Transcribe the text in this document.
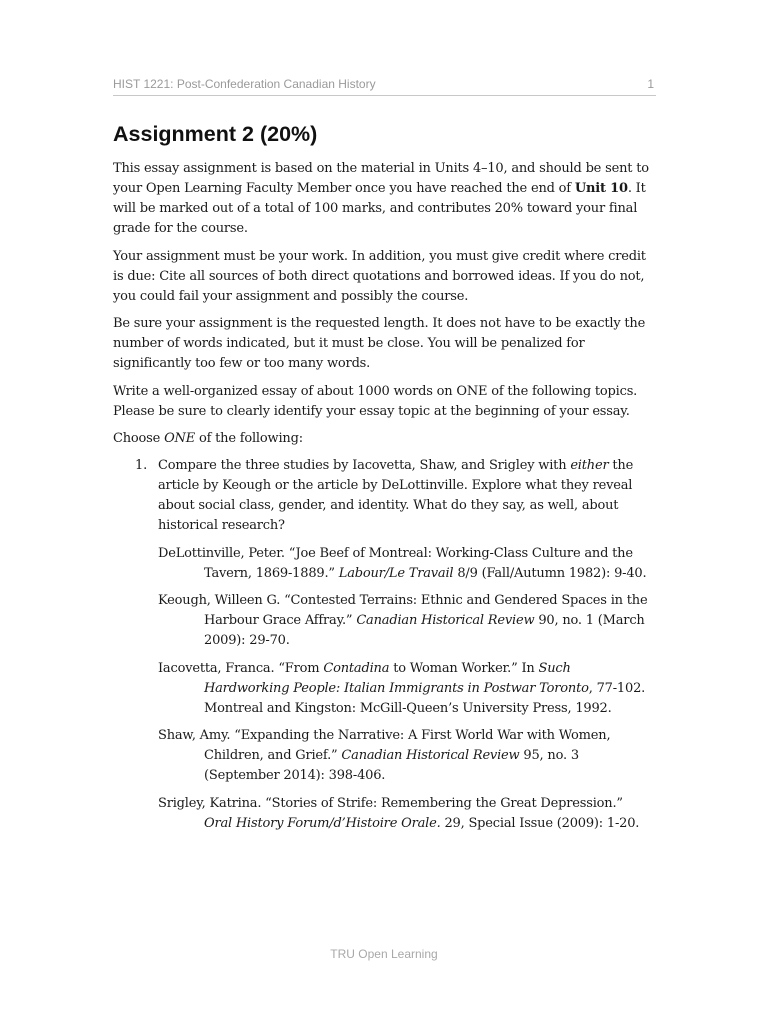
HIST 1221: Post-Confederation Canadian History	1
Assignment 2 (20%)

This essay assignment is based on the material in Units 4–10, and should be sent to your Open Learning Faculty Member once you have reached the end of Unit 10. It will be marked out of a total of 100 marks, and contributes 20% toward your final grade for the course.

Your assignment must be your work. In addition, you must give credit where credit is due: Cite all sources of both direct quotations and borrowed ideas. If you do not, you could fail your assignment and possibly the course.

Be sure your assignment is the requested length. It does not have to be exactly the number of words indicated, but it must be close. You will be penalized for significantly too few or too many words.

Write a well-organized essay of about 1000 words on ONE of the following topics. Please be sure to clearly identify your essay topic at the beginning of your essay.

Choose ONE of the following:

1. Compare the three studies by Iacovetta, Shaw, and Srigley with either the article by Keough or the article by DeLottinville. Explore what they reveal about social class, gender, and identity. What do they say, as well, about historical research?

DeLottinville, Peter. “Joe Beef of Montreal: Working-Class Culture and the Tavern, 1869-1889.” Labour/Le Travail 8/9 (Fall/Autumn 1982): 9-40.

Keough, Willeen G. “Contested Terrains: Ethnic and Gendered Spaces in the Harbour Grace Affray.” Canadian Historical Review 90, no. 1 (March 2009): 29-70.

Iacovetta, Franca. “From Contadina to Woman Worker.” In Such Hardworking People: Italian Immigrants in Postwar Toronto, 77-102. Montreal and Kingston: McGill-Queen’s University Press, 1992.

Shaw, Amy. “Expanding the Narrative: A First World War with Women, Children, and Grief.” Canadian Historical Review 95, no. 3 (September 2014): 398-406.

Srigley, Katrina. “Stories of Strife: Remembering the Great Depression.” Oral History Forum/d’Histoire Orale. 29, Special Issue (2009): 1-20.

TRU Open Learning
